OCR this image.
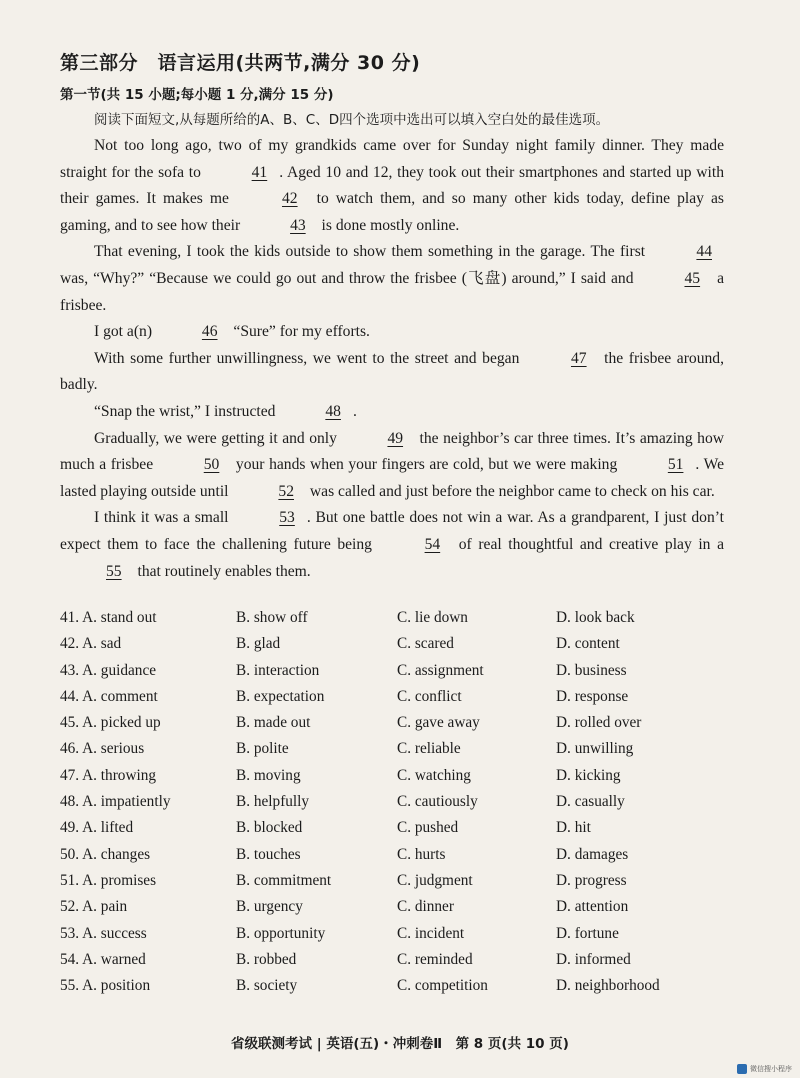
第三部分　语言运用(共两节,满分 30 分)
第一节(共 15 小题;每小题 1 分,满分 15 分)
阅读下面短文,从每题所给的A、B、C、D四个选项中选出可以填入空白处的最佳选项。

Not too long ago, two of my grandkids came over for Sunday night family dinner. They made straight for the sofa to	41 . Aged 10 and 12, they took out their smartphones and started up with their games. It makes me	42 to watch them, and so many other kids today, define play as gaming, and to see how their	43 is done mostly online.

That evening, I took the kids outside to show them something in the garage. The first	44 was, “Why?” “Because we could go out and throw the frisbee (飞盘) around,” I said and	45 a frisbee.

I got a(n)	46 “Sure” for my efforts.

With some further unwillingness, we went to the street and began	47 the frisbee around, badly.

“Snap the wrist,” I instructed	48 .

Gradually, we were getting it and only	49 the neighbor’s car three times. It’s amazing how much a frisbee	50 your hands when your fingers are cold, but we were making	51 . We lasted playing outside until	52 was called and just before the neighbor came to check on his car.

I think it was a small	53 . But one battle does not win a war. As a grandparent, I just don’t expect them to face the challening future being	54 of real thoughtful and creative play in a 55 that routinely enables them.

41. A. stand out	B. show off	C. lie down	D. look back
42. A. sad	B. glad	C. scared	D. content
43. A. guidance	B. interaction	C. assignment	D. business
44. A. comment	B. expectation	C. conflict	D. response
45. A. picked up	B. made out	C. gave away	D. rolled over
46. A. serious	B. polite	C. reliable	D. unwilling
47. A. throwing	B. moving	C. watching	D. kicking
48. A. impatiently	B. helpfully	C. cautiously	D. casually
49. A. lifted	B. blocked	C. pushed	D. hit
50. A. changes	B. touches	C. hurts	D. damages
51. A. promises	B. commitment	C. judgment	D. progress
52. A. pain	B. urgency	C. dinner	D. attention
53. A. success	B. opportunity	C. incident	D. fortune
54. A. warned	B. robbed	C. reminded	D. informed
55. A. position	B. society	C. competition	D. neighborhood
省级联测考试 | 英语(五)・冲刺卷Ⅱ　第 8 页(共 10 页)
微信搜小程序
